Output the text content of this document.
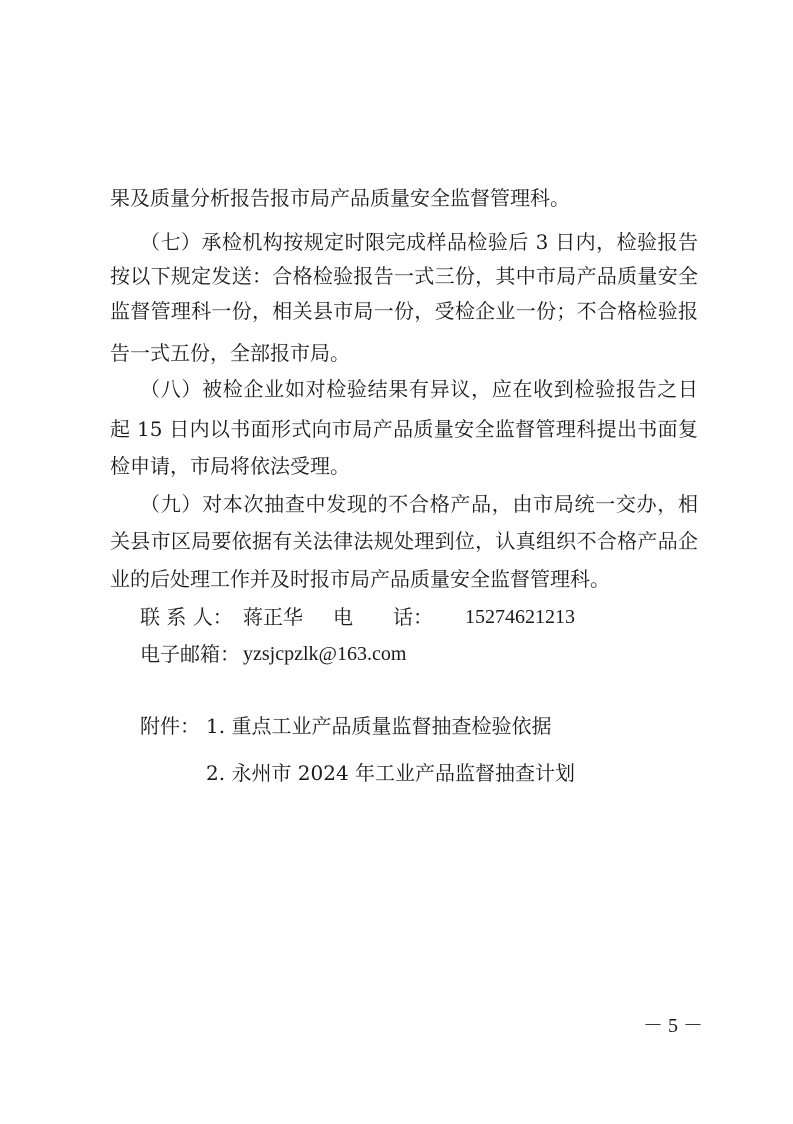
果及质量分析报告报市局产品质量安全监督管理科。
（七）承检机构按规定时限完成样品检验后 3 日内，检验报告
按以下规定发送：合格检验报告一式三份，其中市局产品质量安全
监督管理科一份，相关县市局一份，受检企业一份；不合格检验报
告一式五份，全部报市局。
（八）被检企业如对检验结果有异议，应在收到检验报告之日
起 15 日内以书面形式向市局产品质量安全监督管理科提出书面复
检申请，市局将依法受理。
（九）对本次抽查中发现的不合格产品，由市局统一交办，相
关县市区局要依据有关法律法规处理到位，认真组织不合格产品企
业的后处理工作并及时报市局产品质量安全监督管理科。
联 系 人： 蒋正华 电　　话： 15274621213
电子邮箱： yzsjcpzlk@163.com
附件： 1. 重点工业产品质量监督抽查检验依据
2. 永州市 2024 年工业产品监督抽查计划
－ 5 －
